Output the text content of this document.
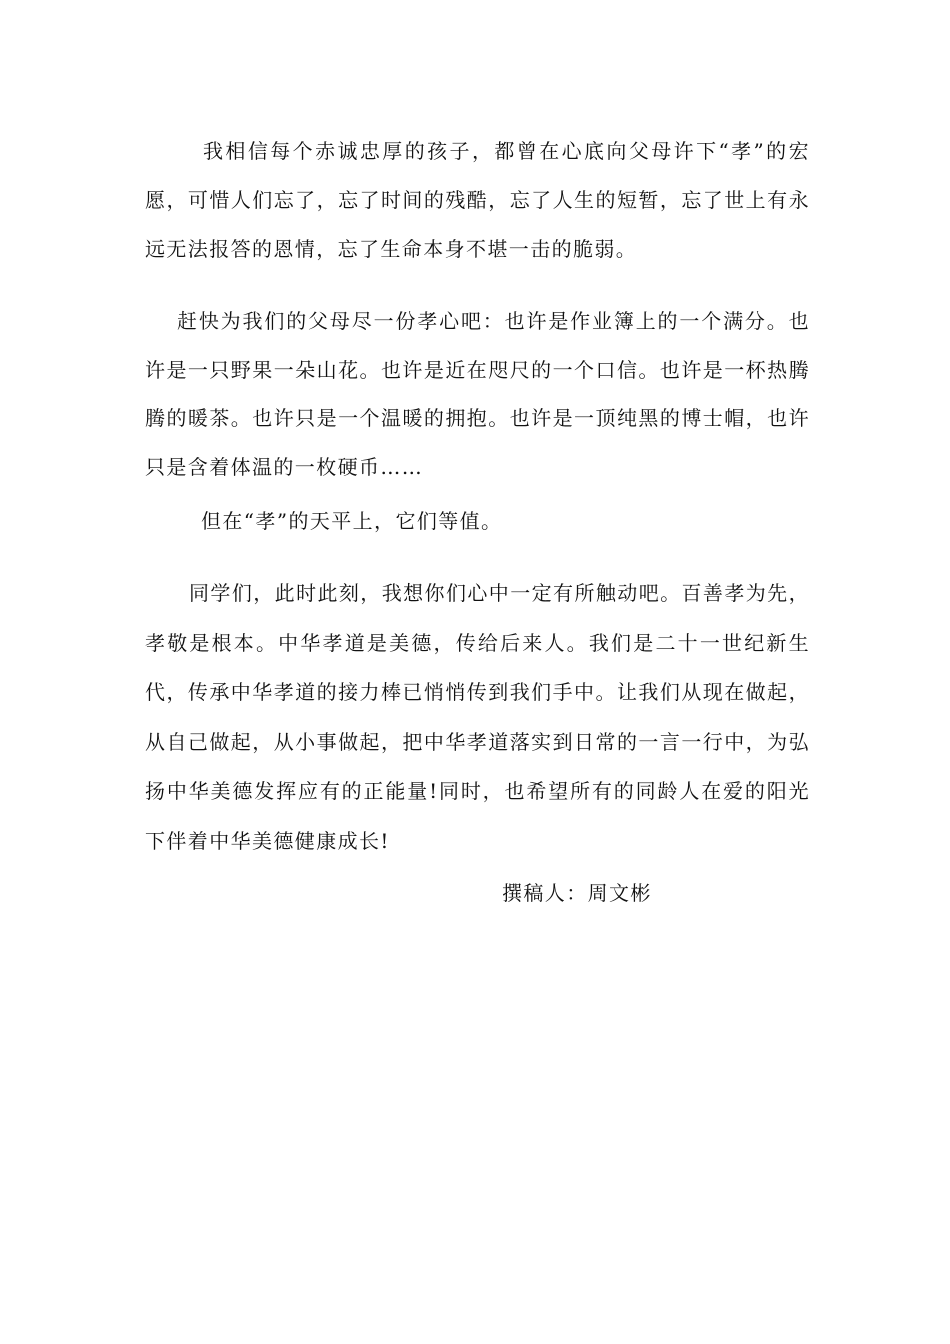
我相信每个赤诚忠厚的孩子，都曾在心底向父母许下“孝”的宏愿，可惜人们忘了，忘了时间的残酷，忘了人生的短暂，忘了世上有永远无法报答的恩情，忘了生命本身不堪一击的脆弱。

赶快为我们的父母尽一份孝心吧：也许是作业簿上的一个满分。也许是一只野果一朵山花。也许是近在咫尺的一个口信。也许是一杯热腾腾的暖茶。也许只是一个温暖的拥抱。也许是一顶纯黑的博士帽，也许只是含着体温的一枚硬币……

但在“孝”的天平上，它们等值。

同学们，此时此刻，我想你们心中一定有所触动吧。百善孝为先，孝敬是根本。中华孝道是美德，传给后来人。我们是二十一世纪新生代，传承中华孝道的接力棒已悄悄传到我们手中。让我们从现在做起，从自己做起，从小事做起，把中华孝道落实到日常的一言一行中，为弘扬中华美德发挥应有的正能量!同时，也希望所有的同龄人在爱的阳光下伴着中华美德健康成长!

撰稿人：周文彬
